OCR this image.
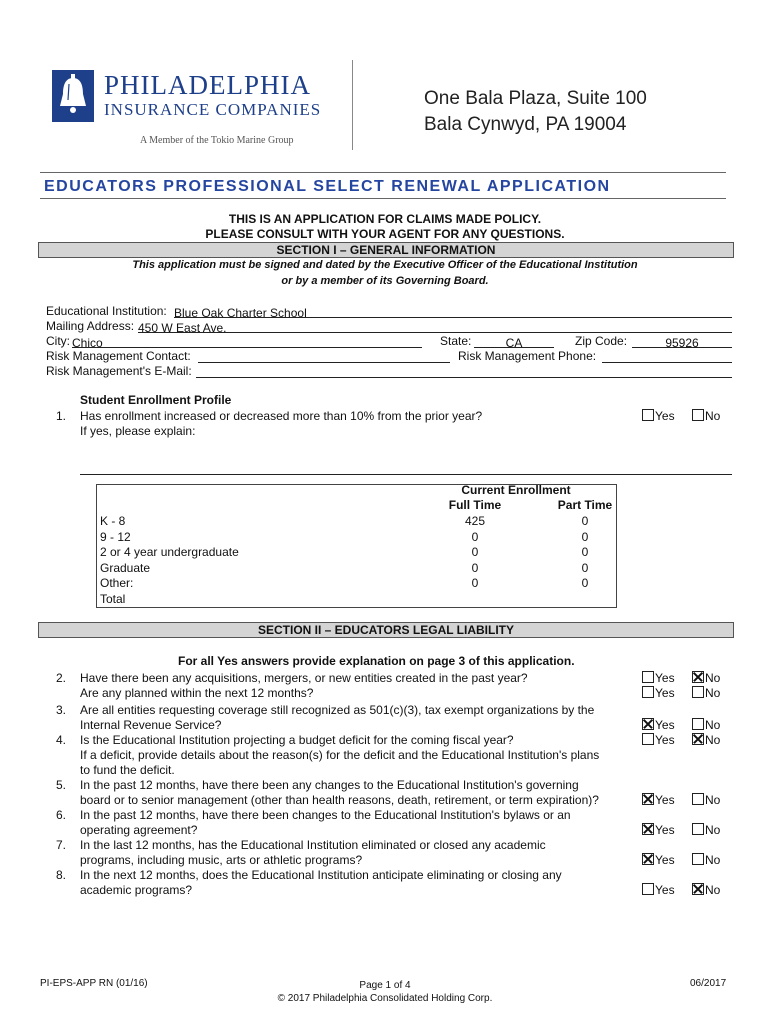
PHILADELPHIA
INSURANCE COMPANIES
A Member of the Tokio Marine Group
One Bala Plaza, Suite 100
Bala Cynwyd, PA 19004
EDUCATORS PROFESSIONAL SELECT RENEWAL APPLICATION
THIS IS AN APPLICATION FOR CLAIMS MADE POLICY.
PLEASE CONSULT WITH YOUR AGENT FOR ANY QUESTIONS.
SECTION I – GENERAL INFORMATION
This application must be signed and dated by the Executive Officer of the Educational Institution
or by a member of its Governing Board.
Educational Institution: Blue Oak Charter School
Mailing Address: 450 W East Ave.
City: Chico	State:	CA	Zip Code:	95926
Risk Management Contact:	Risk Management Phone:
Risk Management's E-Mail:
Student Enrollment Profile
1. Has enrollment increased or decreased more than 10% from the prior year?
If yes, please explain:
Yes	No
Current Enrollment
Full Time	Part Time
K - 8	425	0
9 - 12	0	0
2 or 4 year undergraduate	0	0
Graduate	0	0
Other:	0	0
Total
SECTION II – EDUCATORS LEGAL LIABILITY
For all Yes answers provide explanation on page 3 of this application.
2. Have there been any acquisitions, mergers, or new entities created in the past year?	Yes	No
Are any planned within the next 12 months?	Yes	No
3. Are all entities requesting coverage still recognized as 501(c)(3), tax exempt organizations by the
Internal Revenue Service?	Yes	No
4. Is the Educational Institution projecting a budget deficit for the coming fiscal year?
If a deficit, provide details about the reason(s) for the deficit and the Educational Institution's plans
to fund the deficit.
Yes	No
5. In the past 12 months, have there been any changes to the Educational Institution's governing
board or to senior management (other than health reasons, death, retirement, or term expiration)?	Yes	No
6. In the past 12 months, have there been changes to the Educational Institution's bylaws or an
operating agreement?	Yes	No
7. In the last 12 months, has the Educational Institution eliminated or closed any academic
programs, including music, arts or athletic programs?	Yes	No
8. In the next 12 months, does the Educational Institution anticipate eliminating or closing any
academic programs?	Yes	No
PI-EPS-APP RN (01/16)	Page 1 of 4
© 2017 Philadelphia Consolidated Holding Corp.
06/2017
